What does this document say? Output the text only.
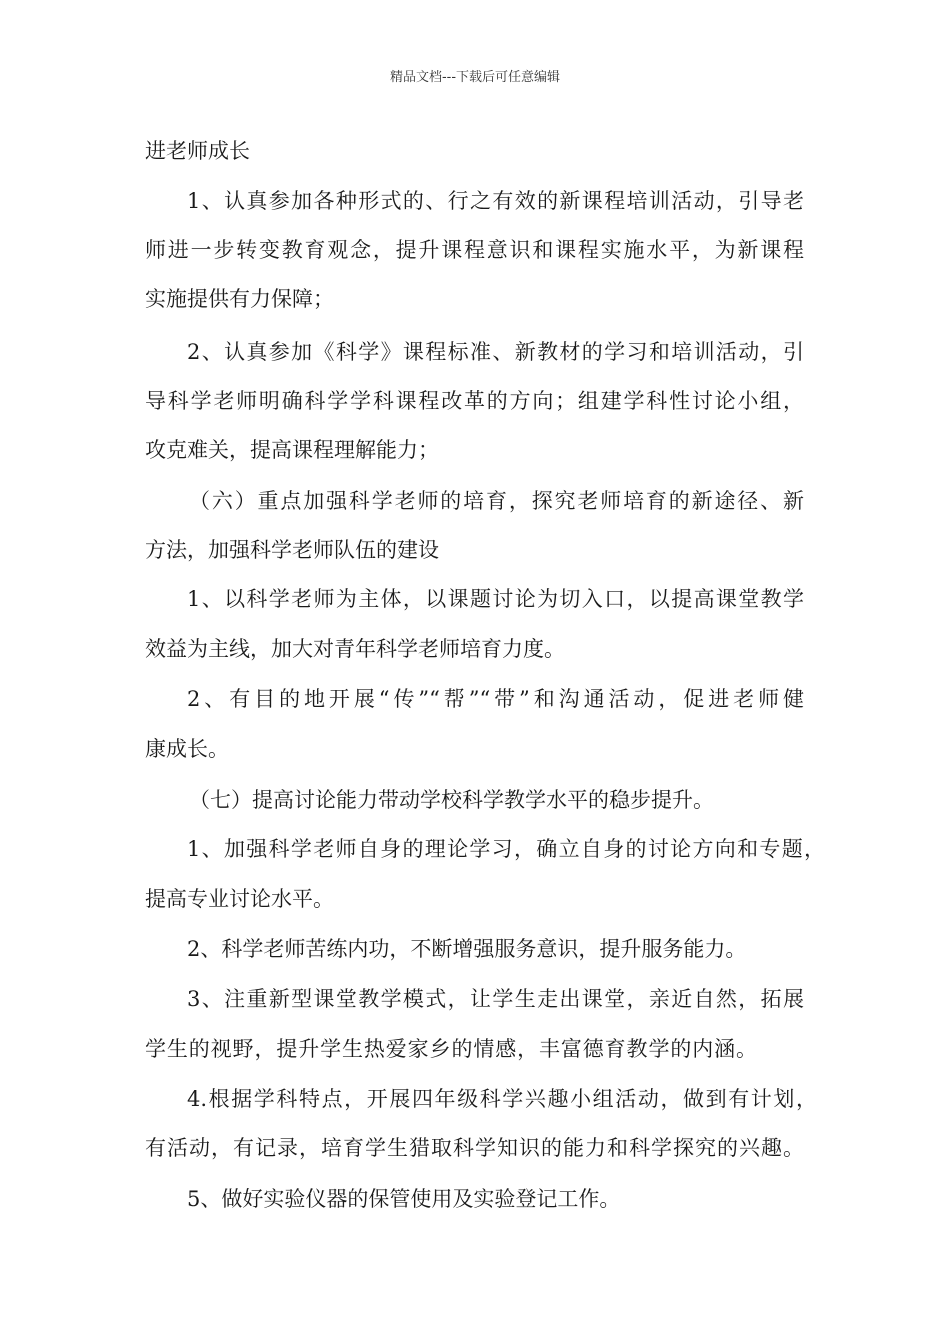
精品文档---下载后可任意编辑
进老师成长
1、认真参加各种形式的、行之有效的新课程培训活动，引导老
师进一步转变教育观念，提升课程意识和课程实施水平，为新课程
实施提供有力保障；
2、认真参加《科学》课程标准、新教材的学习和培训活动，引
导科学老师明确科学学科课程改革的方向；组建学科性讨论小组，
攻克难关，提高课程理解能力；
（六）重点加强科学老师的培育，探究老师培育的新途径、新
方法，加强科学老师队伍的建设
1、以科学老师为主体，以课题讨论为切入口，以提高课堂教学
效益为主线，加大对青年科学老师培育力度。
2、有目的地开展“传”“帮”“带”和沟通活动，促进老师健
康成长。
（七）提高讨论能力带动学校科学教学水平的稳步提升。
1、加强科学老师自身的理论学习，确立自身的讨论方向和专题，
提高专业讨论水平。
2、科学老师苦练内功，不断增强服务意识，提升服务能力。
3、注重新型课堂教学模式，让学生走出课堂，亲近自然，拓展
学生的视野，提升学生热爱家乡的情感，丰富德育教学的内涵。
4.根据学科特点，开展四年级科学兴趣小组活动，做到有计划，
有活动，有记录，培育学生猎取科学知识的能力和科学探究的兴趣。
5、做好实验仪器的保管使用及实验登记工作。
